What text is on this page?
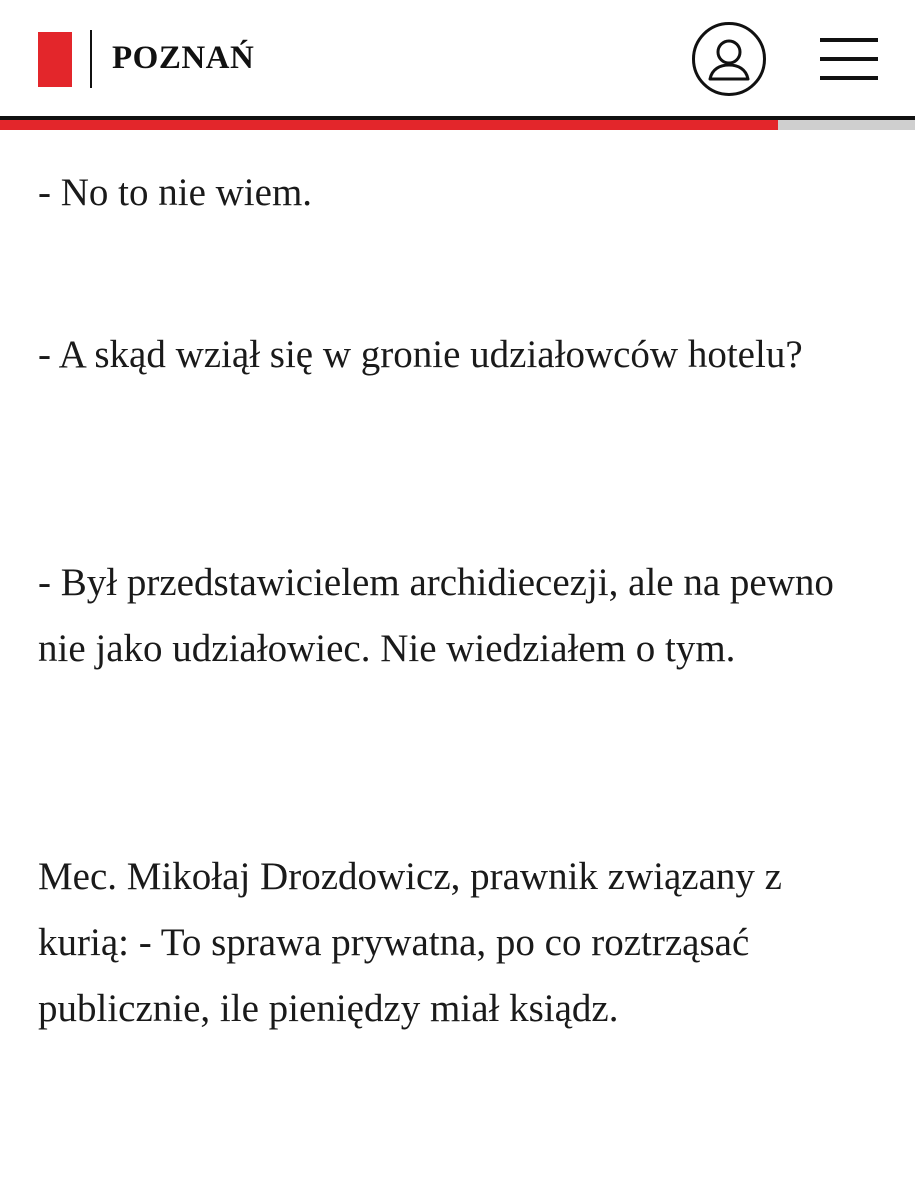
POZNAŃ

- No to nie wiem.

- A skąd wziął się w gronie udziałowców hotelu?

- Był przedstawicielem archidiecezji, ale na pewno nie jako udziałowiec. Nie wiedziałem o tym.

Mec. Mikołaj Drozdowicz, prawnik związany z kurią: - To sprawa prywatna, po co roztrząsać publicznie, ile pieniędzy miał ksiądz.
